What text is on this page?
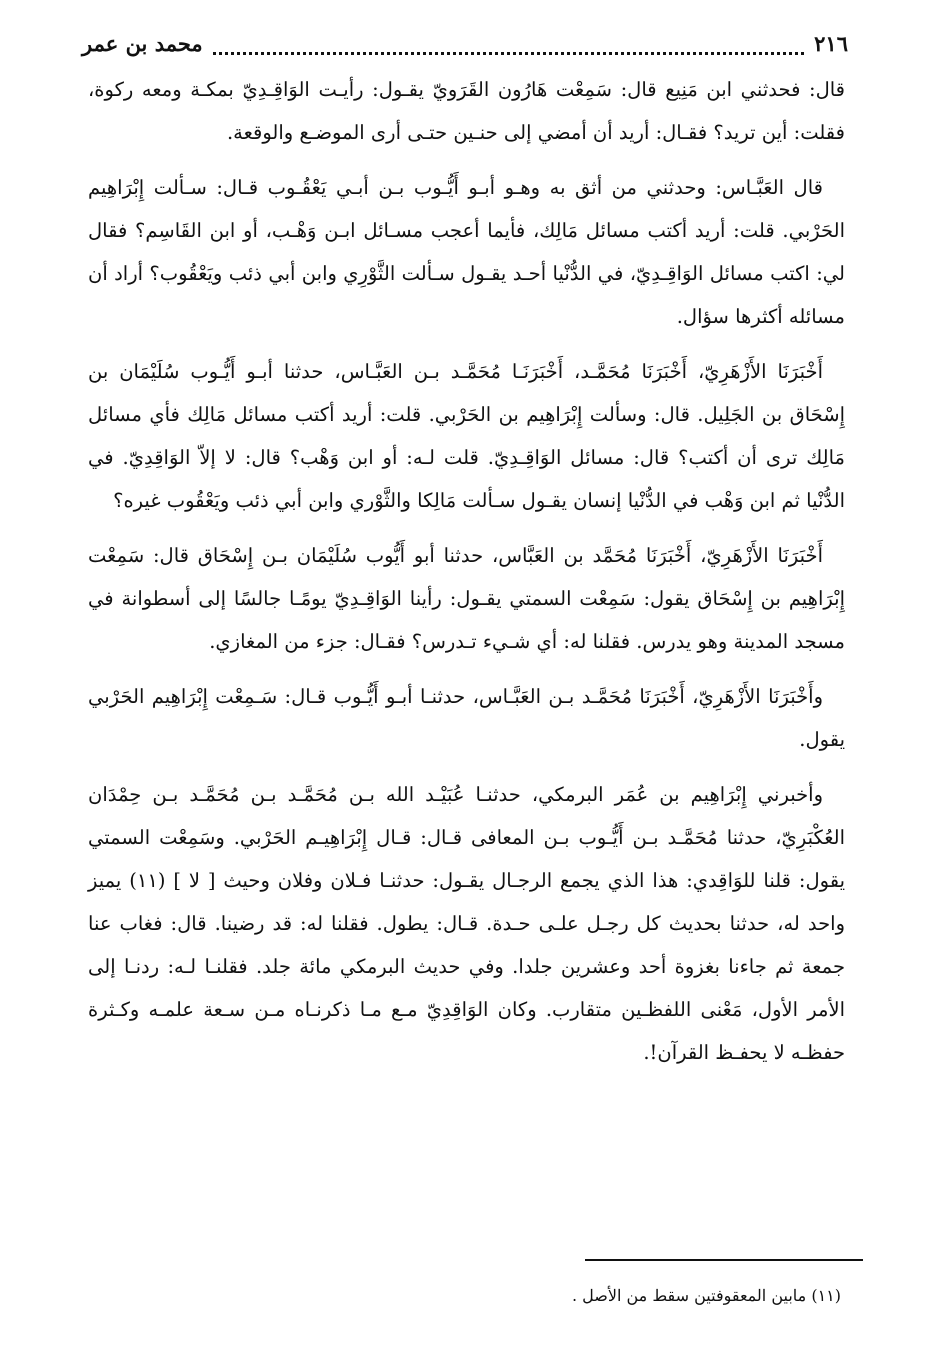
٢١٦
محمد بن عمر

قال: فحدثني ابن مَنِيع قال: سَمِعْت هَارُون القَرَويّ يقـول: رأيـت الوَاقِـدِيّ بمكـة ومعه ركوة، فقلت: أين تريد؟ فقـال: أريد أن أمضي إلى حنـين حتـى أرى الموضـع والوقعة.

قال العَبَّـاس: وحدثني من أثق به وهـو أبـو أَيُّـوب بـن أبـي يَعْقُـوب قـال: سـألت إِبْرَاهِيم الحَرْبي. قلت: أريد أكتب مسائل مَالِك، فأيما أعجب مسـائل ابـن وَهْـب، أو ابن القَاسِم؟ فقال لي: اكتب مسائل الوَاقِـدِيّ، في الدُّنْيا أحـد يقـول سـألت الثَّوْرِي وابن أبي ذئب ويَعْقُوب؟ أراد أن مسائله أكثرها سؤال.

أَخْبَرَنَا الأَزْهَرِيّ، أَخْبَرَنَا مُحَمَّـد، أَخْبَرَنَـا مُحَمَّـد بـن العَبَّـاس، حدثنا أبـو أَيُّـوب سُلَيْمَان بن إِسْحَاق بن الجَلِيل. قال: وسألت إِبْرَاهِيم بن الحَرْبي. قلت: أريد أكتب مسائل مَالِك فأي مسائل مَالِك ترى أن أكتب؟ قال: مسائل الوَاقِـدِيّ. قلت لـه: أو ابن وَهْب؟ قال: لا إلاّ الوَاقِدِيّ. في الدُّنْيا ثم ابن وَهْب في الدُّنْيا إنسان يقـول سـألت مَالِكا والثَّوْري وابن أبي ذئب ويَعْقُوب غيره؟

أَخْبَرَنَا الأَزْهَرِيّ، أَخْبَرَنَا مُحَمَّد بن العَبَّاس، حدثنا أبو أَيُّوب سُلَيْمَان بـن إِسْحَاق قال: سَمِعْت إِبْرَاهِيم بن إِسْحَاق يقول: سَمِعْت السمتي يقـول: رأينا الوَاقِـدِيّ يومًـا جالسًا إلى أسطوانة في مسجد المدينة وهو يدرس. فقلنا له: أي شـيء تـدرس؟ فقـال: جزء من المغازي.

وأَخْبَرَنَا الأَزْهَرِيّ، أَخْبَرَنَا مُحَمَّـد بـن العَبَّـاس، حدثنـا أبـو أَيُّـوب قـال: سَـمِعْت إِبْرَاهِيم الحَرْبي يقول.

وأخبرني إِبْرَاهِيم بن عُمَر البرمكي، حدثنـا عُبَيْـد الله بـن مُحَمَّـد بـن مُحَمَّـد بـن حِمْدَان العُكْبَرِيّ، حدثنا مُحَمَّـد بـن أَيُّـوب بـن المعافى قـال: قـال إِبْرَاهِيـم الحَرْبي. وسَمِعْت السمتي يقول: قلنا للوَاقِدي: هذا الذي يجمع الرجـال يقـول: حدثنـا فـلان وفلان وحيث [ لا ] (١١) يميز واحد له، حدثنا بحديث كل رجـل علـى حـدة. قـال: يطول. فقلنا له: قد رضينا. قال: فغاب عنا جمعة ثم جاءنا بغزوة أحد وعشرين جلدا. وفي حديث البرمكي مائة جلد. فقلنـا لـه: ردنـا إلى الأمر الأول، مَعْنى اللفظـين متقارب. وكان الوَاقِدِيّ مـع مـا ذكرنـاه مـن سـعة علمـه وكـثرة حفظـه لا يحفـظ القرآن!.

(١١) مابين المعقوفتين سقط من الأصل .
